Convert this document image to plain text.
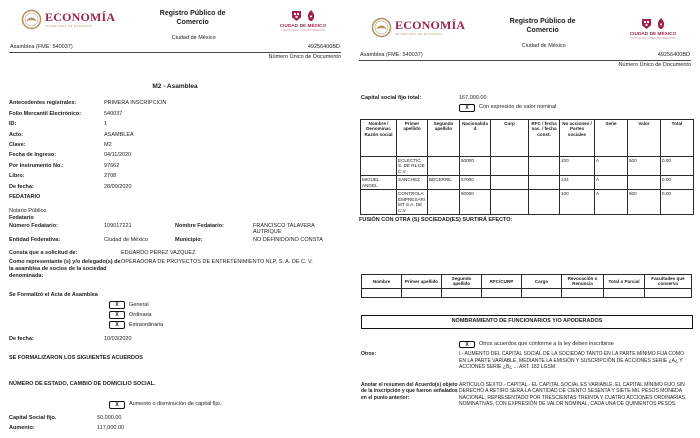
ECONOMÍA
SECRETARÍA DE ECONOMÍA
Registro Público de Comercio
Ciudad de México
CIUDAD DE MÉXICO
CAPITAL DE LA TRANSFORMACIÓN
Asamblea (FME: 540037)	49256400BD
Número Único de Documento
M2 - Asamblea
Antecedentes registrales:	PRIMERA INSCRIPCION
Folio Mercantil Electrónico:	540037
ID:	1
Acto:	ASAMBLEA
Clave:	M2
Fecha de Ingreso:	04/11/2020
Por Instrumento No.:	97662
Libro:	2708
De fecha:	28/09/2020
FEDATARIO
Notario Público
Fedatario
Número Fedatario:	109017221	Nombre Fedatario:	FRANCISCO TALAVERA AUTRIQUE
Entidad Federativa:	Ciudad de México	Municipio:	NO DEFINIDO/NO CONSTA
Consta que a solicitud de:	EDUARDO PEREZ VAZQUEZ
Como representante (s) y/o delegado(s) de la asamblea de socios de la sociedad denominada:
OPERADORA DE PROYECTOS DE ENTRETENIMIENTO NLP, S. A. DE C. V.
Se Formalizó el Acta de Asamblea
X	General
X	Ordinaria
X	Extraordinaria
De fecha:	10/03/2020
SE FORMALIZARON LOS SIGUIENTES ACUERDOS
NÚMERO DE ESTADO, CAMBIO DE DOMICILIO SOCIAL.
X	Aumento o disminución de capital fijo.
Capital Social fijo.	50,000.00
Aumento:	117,000.00
ECONOMÍA
SECRETARÍA DE ECONOMÍA
Registro Público de Comercio
Ciudad de México
CIUDAD DE MÉXICO
CAPITAL DE LA TRANSFORMACIÓN
Asamblea (FME: 540037)	49256400BD
Número Único de Documento
Capital social fijo total:	167,000.00
X	Con expresión de valor nominal
Nombre / Denominac Razón social	Primer apellido	Segundo apellido	Nacionalidad	Curp	RFC / fecha nac. / fecha const.	No acciones / Partes sociales	Serie	Valor	Total
	ECLECTIC S. DE RL DE C.V.		50000			100	A	500	0.00
MIGUEL ANGEL	SANCHEZ	BECERRIL	67000			134	A		0.00
	CONTROLA EMPRESARI MT S.A. DE C.V		50000			100	A	500	0.00
FUSIÓN CON OTRA (S) SOCIEDAD(ES) SURTIRÁ EFECTO:
Nombre	Primer apellido	Segundo apellido	RFC/CURP	Cargo	Revocación o Renuncia	Total o Parcial	Facultades que conserva

NOMBRAMIENTO DE FUNCIONARIOS Y/O APODERADOS
X	Otros acuerdos que conforme a la ley deben inscribirse
Otros:	I.- AUMENTO DEL CAPITAL SOCIAL DE LA SOCIEDAD TANTO EN LA PARTE MÍNIMO FIJA COMO EN LA PARTE VARIABLE, MEDIANTE LA EMISIÓN Y SUSCRIPCIÓN DE ACCIONES SERIE ¿A¿ Y ACCIONES SERIE ¿B¿ ... ART. 182 LGSM
Anotar el resumen del Acuerdo(s) objeto de la inscripción y que fueron señalados en el punto anterior:
ARTÍCULO SEXTO.- CAPITAL.- EL CAPITAL SOCIAL ES VARIABLE. EL CAPITAL MÍNIMO FIJO SIN DERECHO A RETIRO SERÁ LA CANTIDAD DE CIENTO SESENTA Y SIETE MIL PESOS MONEDA NACIONAL, REPRESENTADO POR TRESCIENTAS TREINTA Y CUATRO ACCIONES ORDINARIAS, NOMINATIVAS, CON EXPRESIÓN DE VALOR NOMINAL, CADA UNA DE QUINIENTOS PESOS.
